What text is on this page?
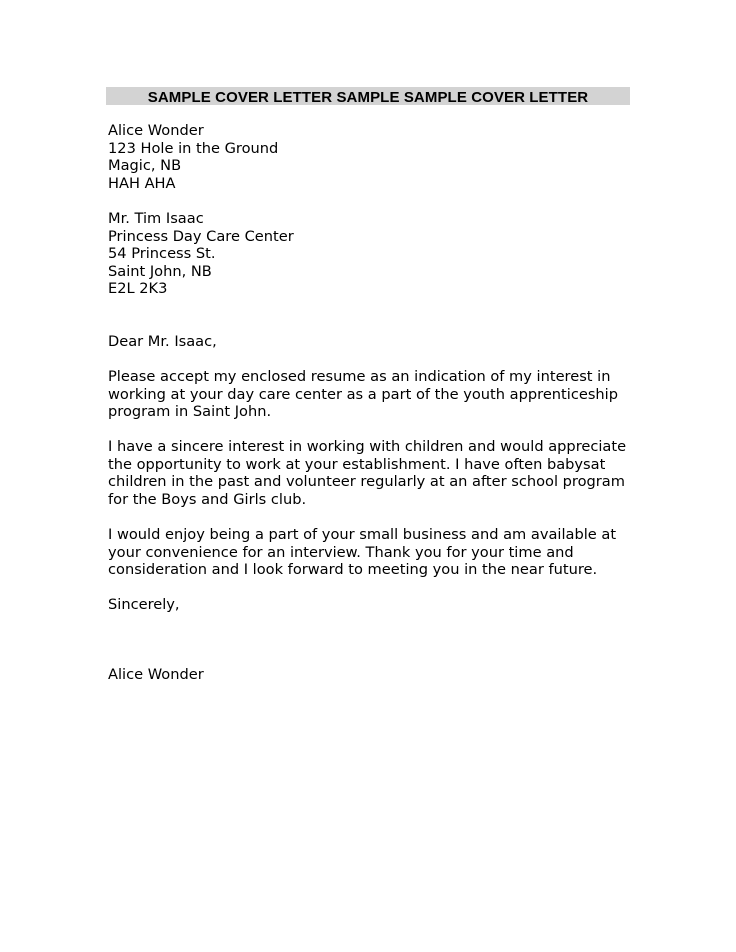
SAMPLE COVER LETTER SAMPLE SAMPLE COVER LETTER
Alice Wonder
123 Hole in the Ground
Magic, NB
HAH AHA
Mr. Tim Isaac
Princess Day Care Center
54 Princess St.
Saint John, NB
E2L 2K3
Dear Mr. Isaac,
Please accept my enclosed resume as an indication of my interest in
working at your day care center as a part of the youth apprenticeship
program in Saint John.
I have a sincere interest in working with children and would appreciate
the opportunity to work at your establishment. I have often babysat
children in the past and volunteer regularly at an after school program
for the Boys and Girls club.
I would enjoy being a part of your small business and am available at
your convenience for an interview. Thank you for your time and
consideration and I look forward to meeting you in the near future.
Sincerely,
Alice Wonder
